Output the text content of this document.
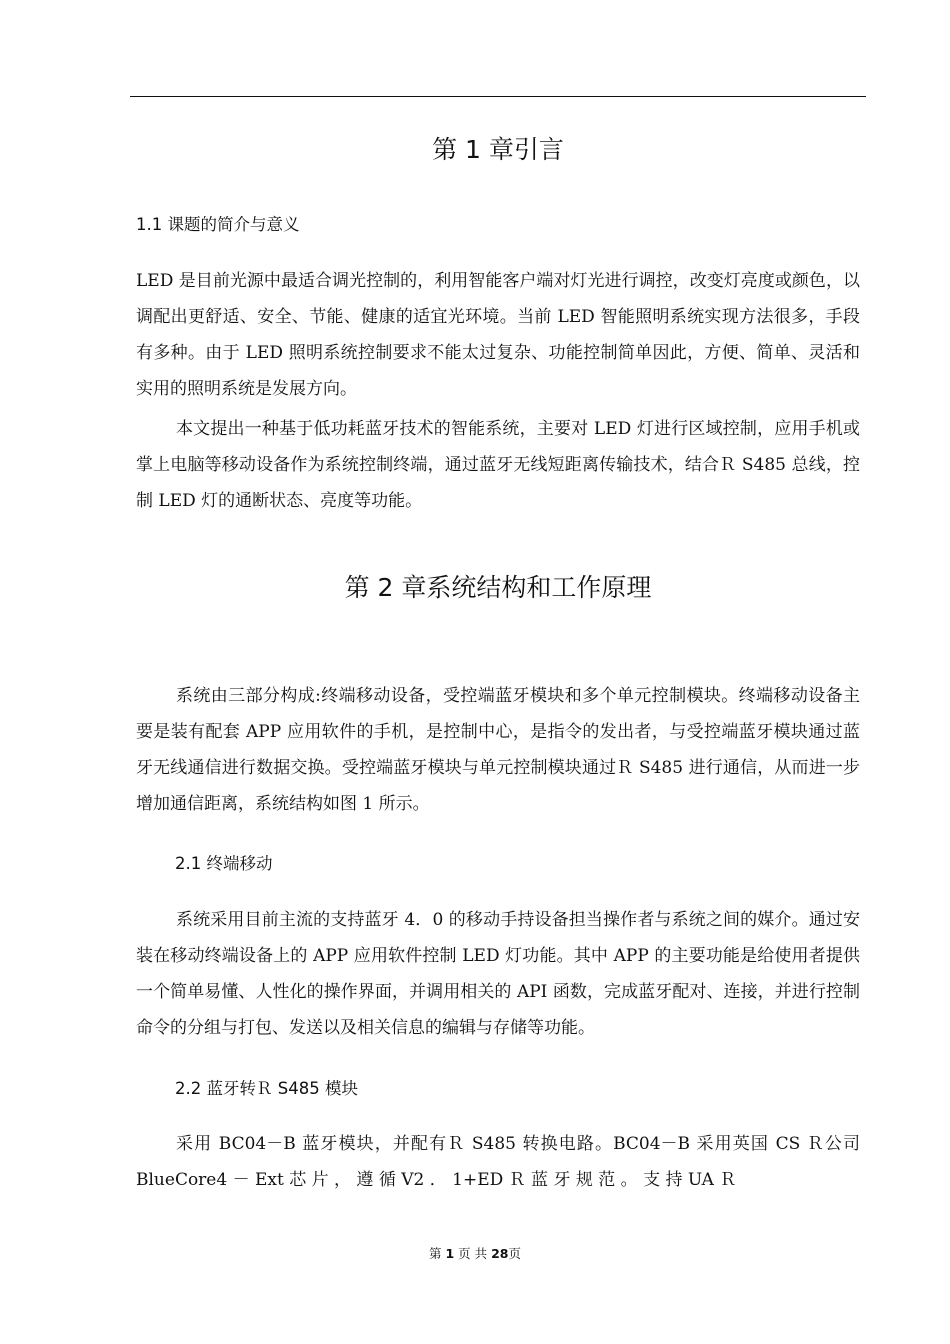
第 1 章引言
1.1 课题的简介与意义

LED 是目前光源中最适合调光控制的，利用智能客户端对灯光进行调控，改变灯亮度或颜色，以调配出更舒适、安全、节能、健康的适宜光环境。当前 LED 智能照明系统实现方法很多，手段有多种。由于 LED 照明系统控制要求不能太过复杂、功能控制简单因此，方便、简单、灵活和实用的照明系统是发展方向。

本文提出一种基于低功耗蓝牙技术的智能系统，主要对 LED 灯进行区域控制，应用手机或掌上电脑等移动设备作为系统控制终端，通过蓝牙无线短距离传输技术，结合Ｒ S485 总线，控制 LED 灯的通断状态、亮度等功能。

第 2 章系统结构和工作原理

系统由三部分构成:终端移动设备，受控端蓝牙模块和多个单元控制模块。终端移动设备主要是装有配套 APP 应用软件的手机，是控制中心，是指令的发出者，与受控端蓝牙模块通过蓝牙无线通信进行数据交换。受控端蓝牙模块与单元控制模块通过Ｒ S485 进行通信，从而进一步增加通信距离，系统结构如图 1 所示。

2.1 终端移动

系统采用目前主流的支持蓝牙 4．0 的移动手持设备担当操作者与系统之间的媒介。通过安装在移动终端设备上的 APP 应用软件控制 LED 灯功能。其中 APP 的主要功能是给使用者提供一个简单易懂、人性化的操作界面，并调用相关的 API 函数，完成蓝牙配对、连接，并进行控制命令的分组与打包、发送以及相关信息的编辑与存储等功能。

2.2 蓝牙转Ｒ S485 模块

采用 BC04－B 蓝牙模块，并配有Ｒ S485 转换电路。BC04－B 采用英国 CS Ｒ公司 BlueCore4 － Ext 芯 片 ， 遵 循 V2 ． 1+ED Ｒ 蓝 牙 规 范 。 支 持 UA Ｒ

第 1 页 共 28页
